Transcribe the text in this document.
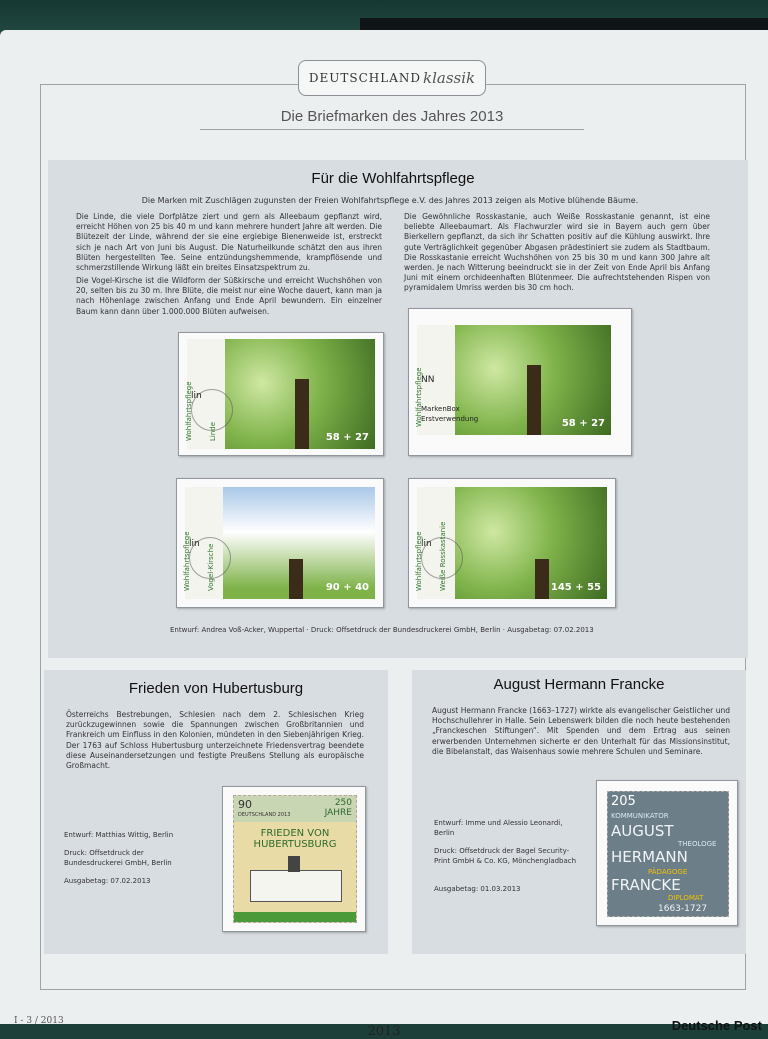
DEUTSCHLAND klassik
Die Briefmarken des Jahres 2013
Für die Wohlfahrtspflege
Die Marken mit Zuschlägen zugunsten der Freien Wohlfahrtspflege e.V. des Jahres 2013 zeigen als Motive blühende Bäume.
Die Linde, die viele Dorfplätze ziert und gern als Alleebaum gepflanzt wird, erreicht Höhen von 25 bis 40 m und kann mehrere hundert Jahre alt werden. Die Blütezeit der Linde, während der sie eine ergiebige Bienenweide ist, erstreckt sich je nach Art von Juni bis August. Die Naturheilkunde schätzt den aus ihren Blüten hergestellten Tee. Seine entzündungshemmende, krampflösende und schmerzstillende Wirkung läßt ein breites Einsatzspektrum zu.
Die Vogel-Kirsche ist die Wildform der Süßkirsche und erreicht Wuchshöhen von 20, selten bis zu 30 m. Ihre Blüte, die meist nur eine Woche dauert, kann man ja nach Höhenlage zwischen Anfang und Ende April bewundern. Ein einzelner Baum kann dann über 1.000.000 Blüten aufweisen.
Die Gewöhnliche Rosskastanie, auch Weiße Rosskastanie genannt, ist eine beliebte Alleebaumart. Als Flachwurzler wird sie in Bayern auch gern über Bierkellern gepflanzt, da sich ihr Schatten positiv auf die Kühlung auswirkt. Ihre gute Verträglichkeit gegenüber Abgasen prädestiniert sie zudem als Stadtbaum. Die Rosskastanie erreicht Wuchshöhen von 25 bis 30 m und kann 300 Jahre alt werden. Je nach Witterung beeindruckt sie in der Zeit von Ende April bis Anfang Juni mit einem orchideenhaften Blütenmeer. Die aufrechtstehenden Rispen von pyramidalem Umriss werden bis 30 cm hoch.
Wohlfahrtspflege Linde
lin
58 + 27
Wohlfahrtspflege
NN
MarkenBox
Erstverwendung	58 + 27
Wohlfahrtspflege Vogel-Kirsche
lin
90 + 40	Wohlfahrtspflege Weiße Rosskastanie
lin
145 + 55
Entwurf: Andrea Voß-Acker, Wuppertal · Druck: Offsetdruck der Bundesdruckerei GmbH, Berlin · Ausgabetag: 07.02.2013
Frieden von Hubertusburg
Österreichs Bestrebungen, Schlesien nach dem 2. Schlesischen Krieg zurückzugewinnen sowie die Spannungen zwischen Großbritannien und Frankreich um Einfluss in den Kolonien, mündeten in den Siebenjährigen Krieg. Der 1763 auf Schloss Hubertusburg unterzeichnete Friedensvertrag beendete diese Auseinandersetzungen und festigte Preußens Stellung als europäische Großmacht.
Entwurf: Matthias Wittig, Berlin
Druck: Offsetdruck der Bundesdruckerei GmbH, Berlin
Ausgabetag: 07.02.2013
90
DEUTSCHLAND 2013
250 JAHRE
FRIEDEN VON HUBERTUSBURG
August Hermann Francke
August Hermann Francke (1663–1727) wirkte als evangelischer Geistlicher und Hochschullehrer in Halle. Sein Lebenswerk bilden die noch heute bestehenden „Franckeschen Stiftungen“. Mit Spenden und dem Ertrag aus seinen erwerbenden Unternehmen sicherte er den Unterhalt für das Missionsinstitut, die Bibelanstalt, das Waisenhaus sowie mehrere Schulen und Seminare.
Entwurf: Imme und Alessio Leonardi, Berlin
Druck: Offsetdruck der Bagel Security-Print GmbH & Co. KG, Mönchengladbach
Ausgabetag: 01.03.2013
205
KOMMUNIKATOR
AUGUST
THEOLOGE
HERMANN
PÄDAGOGE
FRANCKE
DIPLOMAT
1663-1727
I - 3 / 2013
2013	Deutsche Post
